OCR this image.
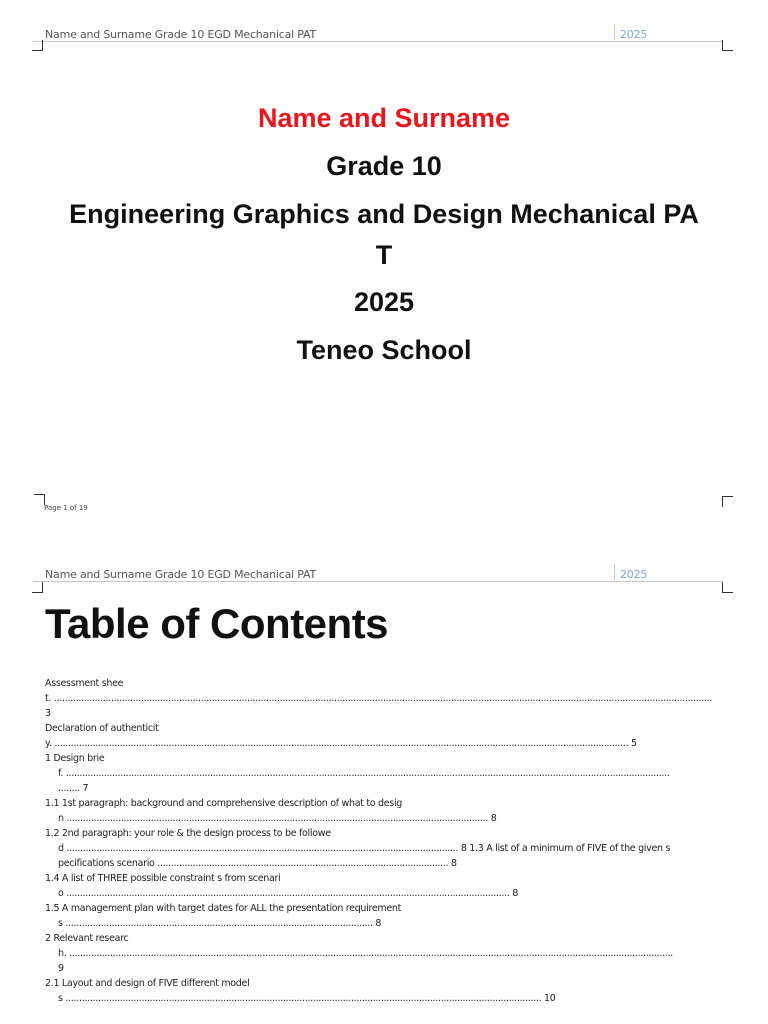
Name and Surname Grade 10 EGD Mechanical PAT	2025
Name and Surname
Grade 10
Engineering Graphics and Design Mechanical PA
T
2025
Teneo School
Page 1 of 19
Name and Surname Grade 10 EGD Mechanical PAT	2025
Table of Contents
Assessment shee
t. ..................................................................................................................................................................................................................................................
3
Declaration of authenticit
y. ................................................................................................................................................................................................................... 5
1 Design brie
f. ..............................................................................................................................................................................................................................
........ 7
1.1 1st paragraph: background and comprehensive description of what to desig
n ........................................................................................................................................................... 8
1.2 2nd paragraph: your role & the design process to be followe
d ................................................................................................................................................ 8 1.3 A list of a minimum of FIVE of the given s
pecifications scenario ........................................................................................................... 8
1.4 A list of THREE possible constraint s from scenari
o ................................................................................................................................................................... 8
1.5 A management plan with target dates for ALL the presentation requirement
s ................................................................................................................. 8
2 Relevant researc
h. ..............................................................................................................................................................................................................................
9
2.1 Layout and design of FIVE different model
s ............................................................................................................................................................................... 10
